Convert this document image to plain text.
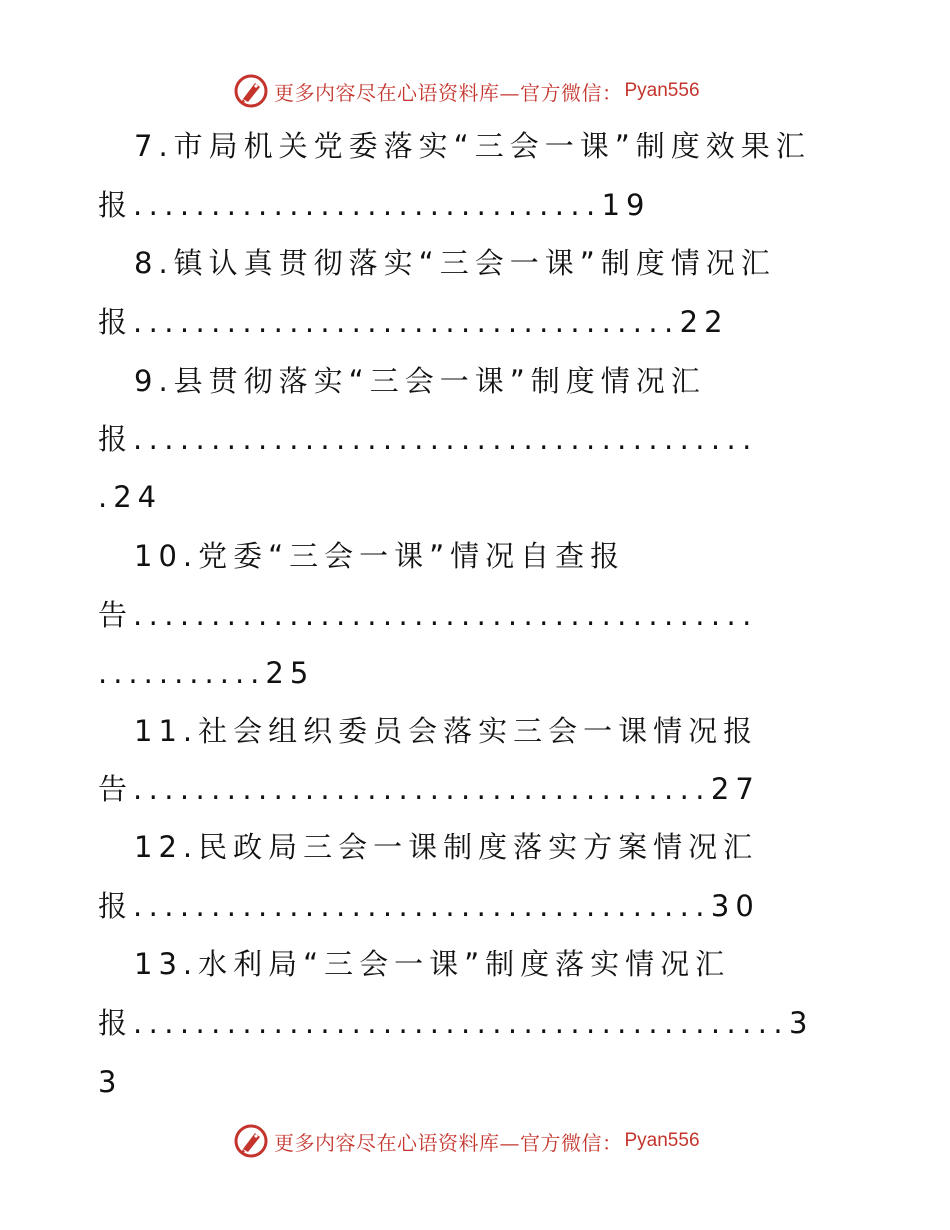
更多内容尽在心语资料库—官方微信： Pyan556
7.市局机关党委落实“三会一课”制度效果汇
报..............................19
8.镇认真贯彻落实“三会一课”制度情况汇
报...................................22
9.县贯彻落实“三会一课”制度情况汇
报........................................
.24
10.党委“三会一课”情况自查报
告........................................
...........25
11.社会组织委员会落实三会一课情况报
告.....................................27
12.民政局三会一课制度落实方案情况汇
报.....................................30
13.水利局“三会一课”制度落实情况汇
报..........................................3
3
更多内容尽在心语资料库—官方微信： Pyan556
